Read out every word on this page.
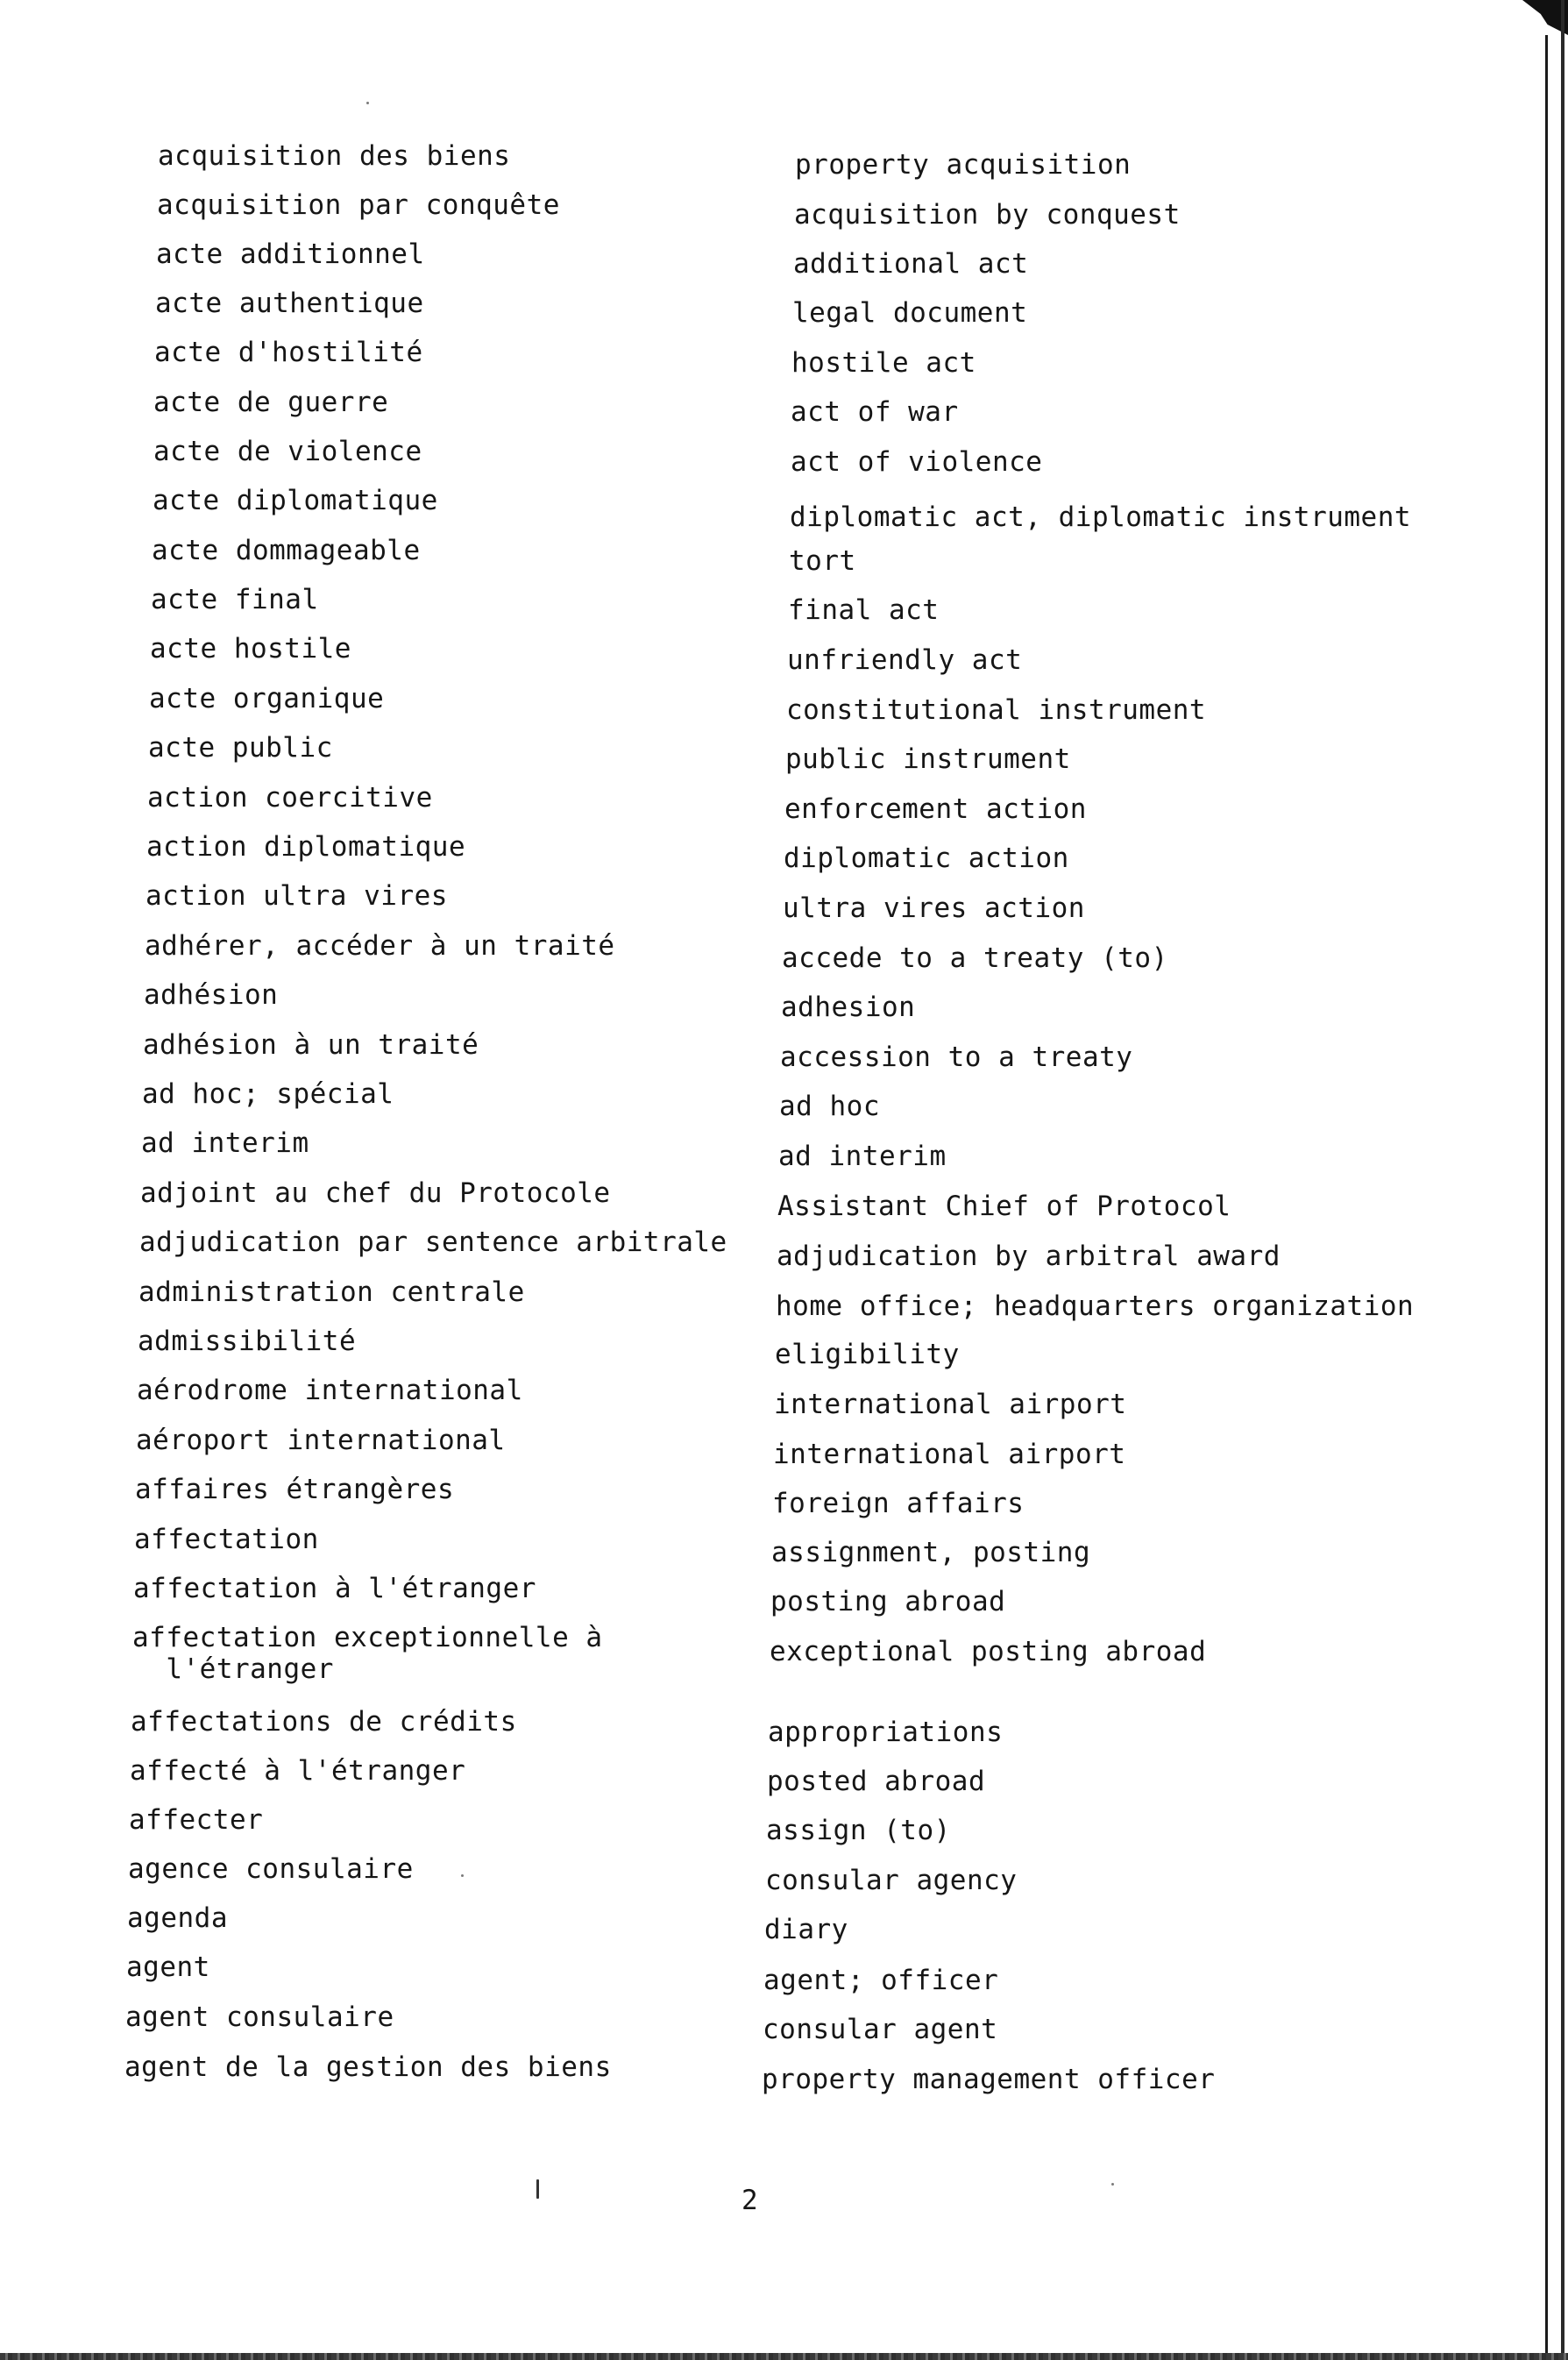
acquisition des biens
acquisition par conquête
acte additionnel
acte authentique
acte d'hostilité
acte de guerre
acte de violence
acte diplomatique
acte dommageable
acte final
acte hostile
acte organique
acte public
action coercitive
action diplomatique
action ultra vires
adhérer, accéder à un traité
adhésion
adhésion à un traité
ad hoc; spécial
ad interim
adjoint au chef du Protocole
adjudication par sentence arbitrale
administration centrale
admissibilité
aérodrome international
aéroport international
affaires étrangères
affectation
affectation à l'étranger
affectation exceptionnelle à
l'étranger
affectations de crédits
affecté à l'étranger
affecter
agence consulaire
agenda
agent
agent consulaire
agent de la gestion des biens
property acquisition
acquisition by conquest
additional act
legal document
hostile act
act of war
act of violence
diplomatic act, diplomatic instrument
tort
final act
unfriendly act
constitutional instrument
public instrument
enforcement action
diplomatic action
ultra vires action
accede to a treaty (to)
adhesion
accession to a treaty
ad hoc
ad interim
Assistant Chief of Protocol
adjudication by arbitral award
home office; headquarters organization
eligibility
international airport
international airport
foreign affairs
assignment, posting
posting abroad
exceptional posting abroad
appropriations
posted abroad
assign (to)
consular agency
diary
agent; officer
consular agent
property management officer
2
